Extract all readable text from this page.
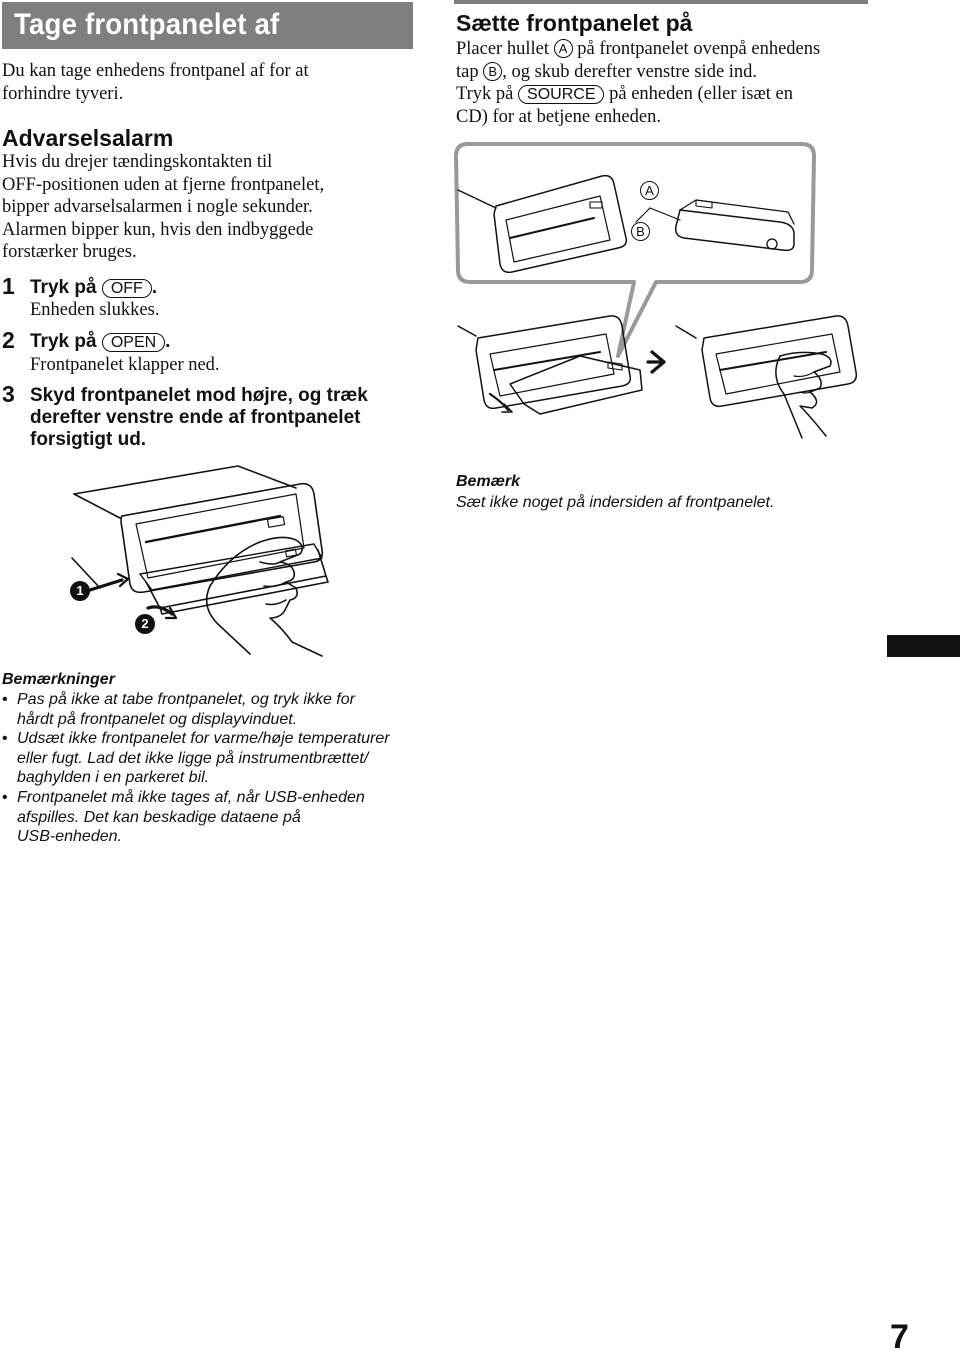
Tage frontpanelet af
Du kan tage enhedens frontpanel af for at
forhindre tyveri.
Advarselsalarm
Hvis du drejer tændingskontakten til
OFF-positionen uden at fjerne frontpanelet,
bipper advarselsalarmen i nogle sekunder.
Alarmen bipper kun, hvis den indbyggede
forstærker bruges.
1 Tryk på OFF .
Enheden slukkes.
2 Tryk på OPEN .
Frontpanelet klapper ned.
3 Skyd frontpanelet mod højre, og træk
derefter venstre ende af frontpanelet
forsigtigt ud.
1
2
Bemærkninger
• Pas på ikke at tabe frontpanelet, og tryk ikke for
hårdt på frontpanelet og displayvinduet.
• Udsæt ikke frontpanelet for varme/høje temperaturer
eller fugt. Lad det ikke ligge på instrumentbrættet/
baghylden i en parkeret bil.
• Frontpanelet må ikke tages af, når USB-enheden
afspilles. Det kan beskadige dataene på
USB-enheden.
Sætte frontpanelet på
Placer hullet A på frontpanelet ovenpå enhedens
tap B , og skub derefter venstre side ind.
Tryk på SOURCE på enheden (eller isæt en
CD) for at betjene enheden.
A
B
Bemærk
Sæt ikke noget på indersiden af frontpanelet.
7
